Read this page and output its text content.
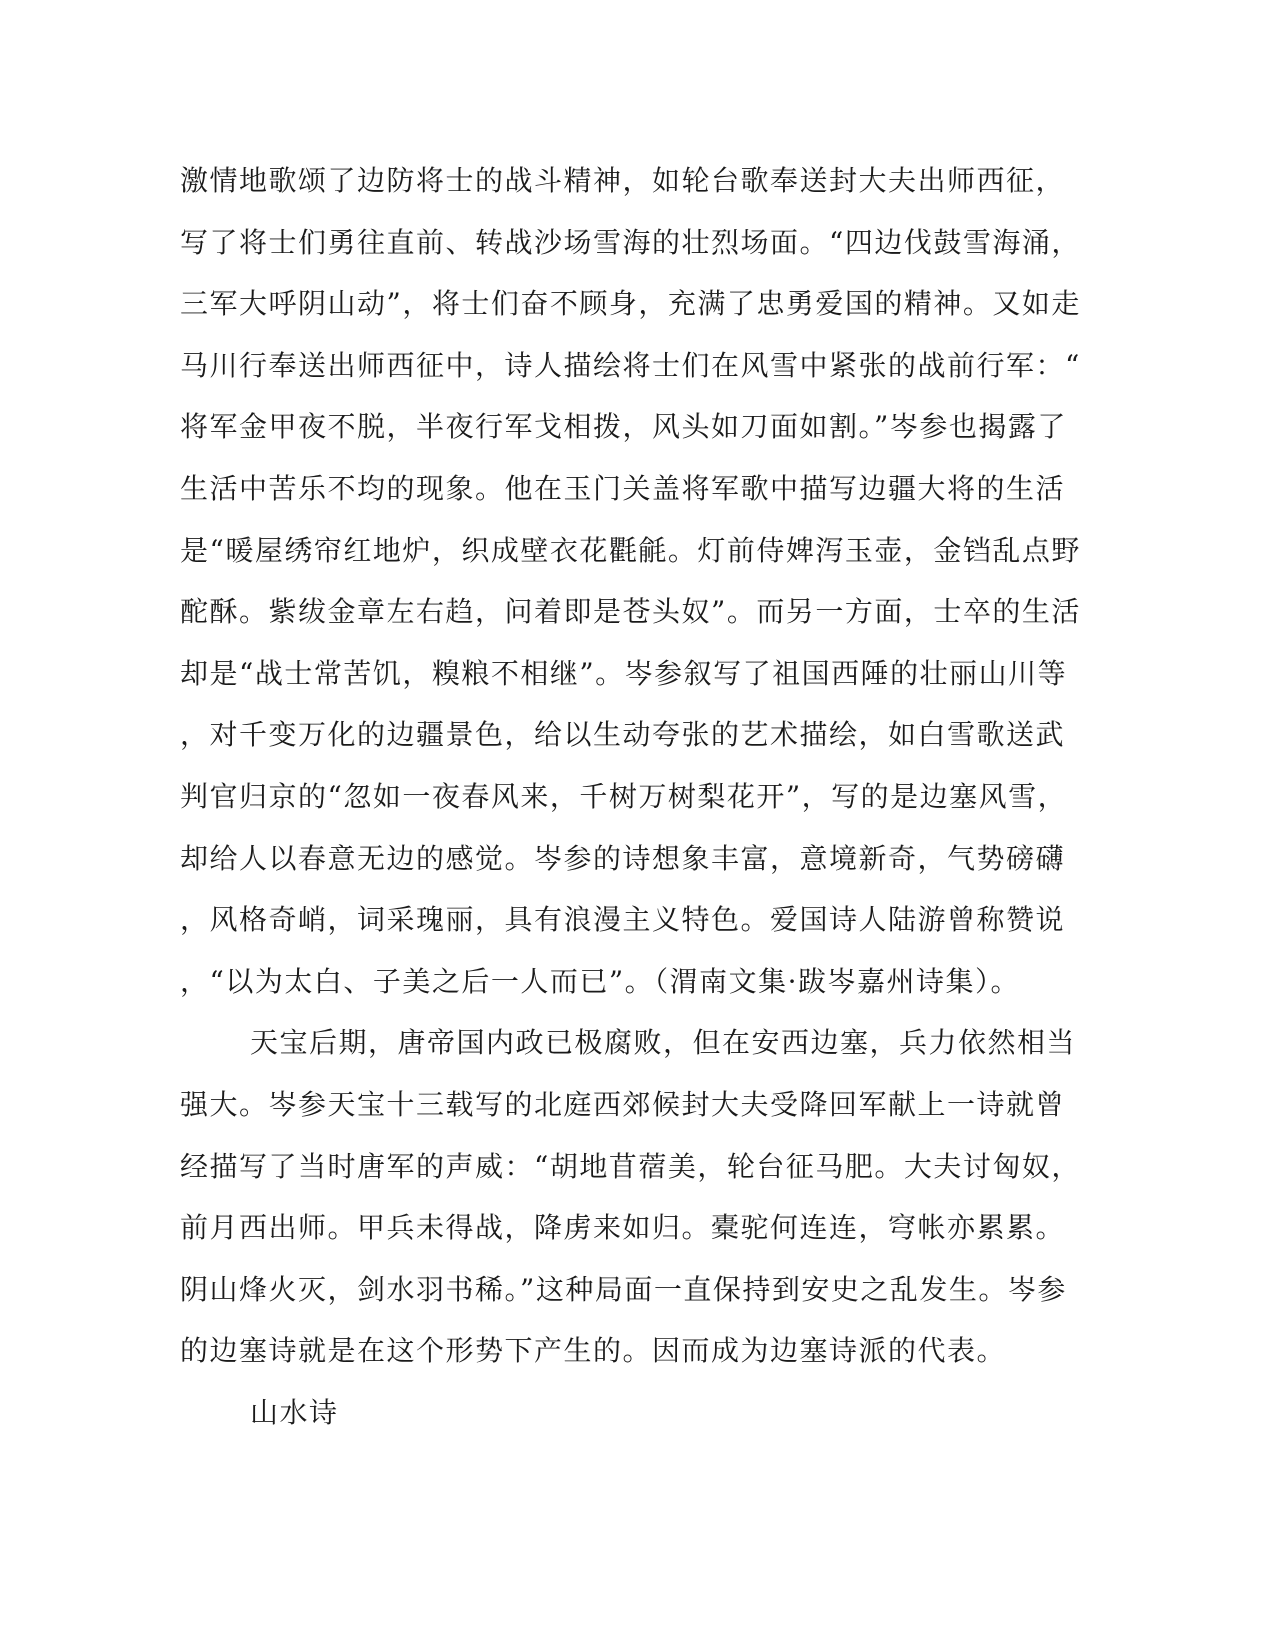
激情地歌颂了边防将士的战斗精神，如轮台歌奉送封大夫出师西征，
写了将士们勇往直前、转战沙场雪海的壮烈场面。“四边伐鼓雪海涌，
三军大呼阴山动”，将士们奋不顾身，充满了忠勇爱国的精神。又如走
马川行奉送出师西征中，诗人描绘将士们在风雪中紧张的战前行军：“
将军金甲夜不脱，半夜行军戈相拨，风头如刀面如割。”岑参也揭露了
生活中苦乐不均的现象。他在玉门关盖将军歌中描写边疆大将的生活
是“暖屋绣帘红地炉，织成壁衣花氍毹。灯前侍婢泻玉壶，金铛乱点野
酡酥。紫绂金章左右趋，问着即是苍头奴”。而另一方面，士卒的生活
却是“战士常苦饥，糗粮不相继”。岑参叙写了祖国西陲的壮丽山川等
，对千变万化的边疆景色，给以生动夸张的艺术描绘，如白雪歌送武
判官归京的“忽如一夜春风来，千树万树梨花开”，写的是边塞风雪，
却给人以春意无边的感觉。岑参的诗想象丰富，意境新奇，气势磅礴
，风格奇峭，词采瑰丽，具有浪漫主义特色。爱国诗人陆游曾称赞说
，“以为太白、子美之后一人而已”。（渭南文集·跋岑嘉州诗集）。
天宝后期，唐帝国内政已极腐败，但在安西边塞，兵力依然相当
强大。岑参天宝十三载写的北庭西郊候封大夫受降回军献上一诗就曾
经描写了当时唐军的声威：“胡地苜蓿美，轮台征马肥。大夫讨匈奴，
前月西出师。甲兵未得战，降虏来如归。橐驼何连连，穹帐亦累累。
阴山烽火灭，剑水羽书稀。”这种局面一直保持到安史之乱发生。岑参
的边塞诗就是在这个形势下产生的。因而成为边塞诗派的代表。
山水诗
